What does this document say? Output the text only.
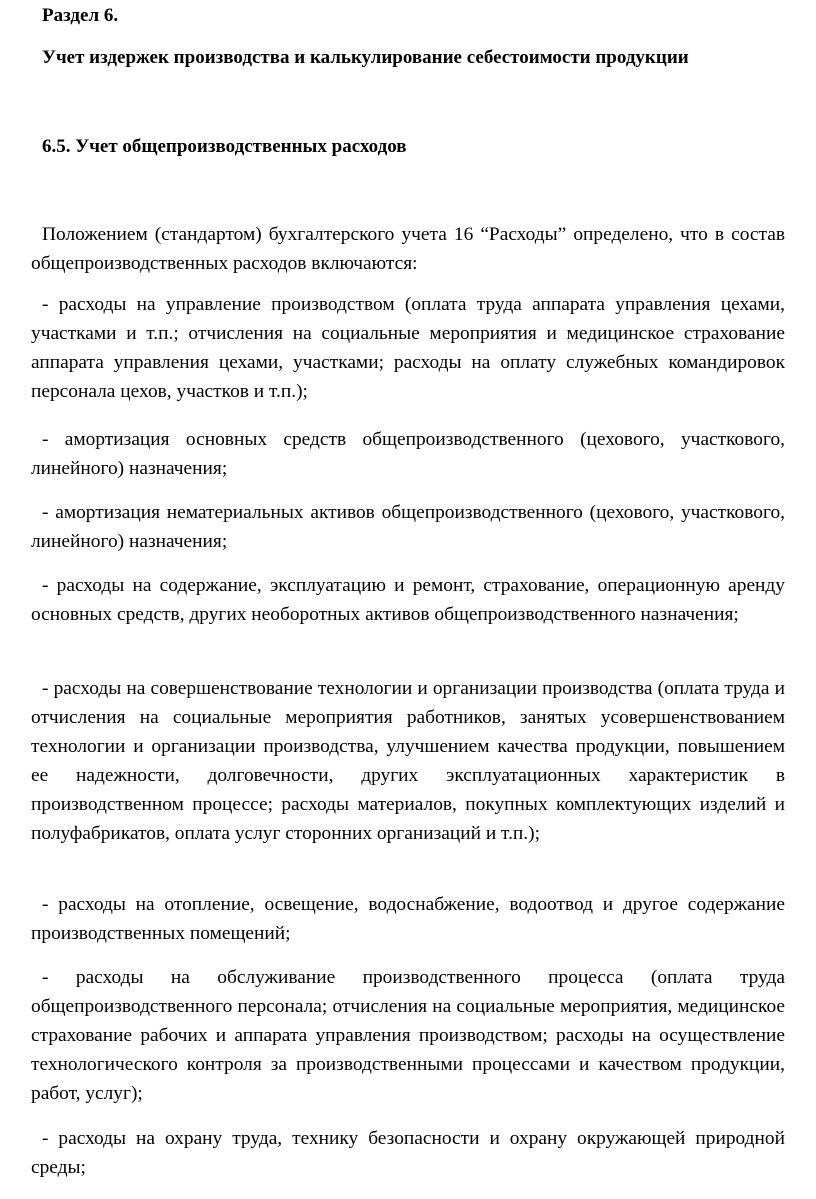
Раздел 6.
Учет издержек производства и калькулирование себестоимости продукции
6.5. Учет общепроизводственных расходов

Положением (стандартом) бухгалтерского учета 16 “Расходы” определено, что в состав общепроизводственных расходов включаются:

- расходы на управление производством (оплата труда аппарата управления цехами, участками и т.п.; отчисления на социальные мероприятия и медицинское страхование аппарата управления цехами, участками; расходы на оплату служебных командировок персонала цехов, участков и т.п.);

- амортизация основных средств общепроизводственного (цехового, участкового, линейного) назначения;

- амортизация нематериальных активов общепроизводственного (цехового, участкового, линейного) назначения;

- расходы на содержание, эксплуатацию и ремонт, страхование, операционную аренду основных средств, других необоротных активов общепроизводственного назначения;

- расходы на совершенствование технологии и организации производства (оплата труда и отчисления на социальные мероприятия работников, занятых усовершенствованием технологии и организации производства, улучшением качества продукции, повышением ее надежности, долговечности, других эксплуатационных характеристик в производственном процессе; расходы материалов, покупных комплектующих изделий и полуфабрикатов, оплата услуг сторонних организаций и т.п.);

- расходы на отопление, освещение, водоснабжение, водоотвод и другое содержание производственных помещений;

- расходы на обслуживание производственного процесса (оплата труда общепроизводственного персонала; отчисления на социальные мероприятия, медицинское страхование рабочих и аппарата управления производством; расходы на осуществление технологического контроля за производственными процессами и качеством продукции, работ, услуг);

- расходы на охрану труда, технику безопасности и охрану окружающей природной среды;
